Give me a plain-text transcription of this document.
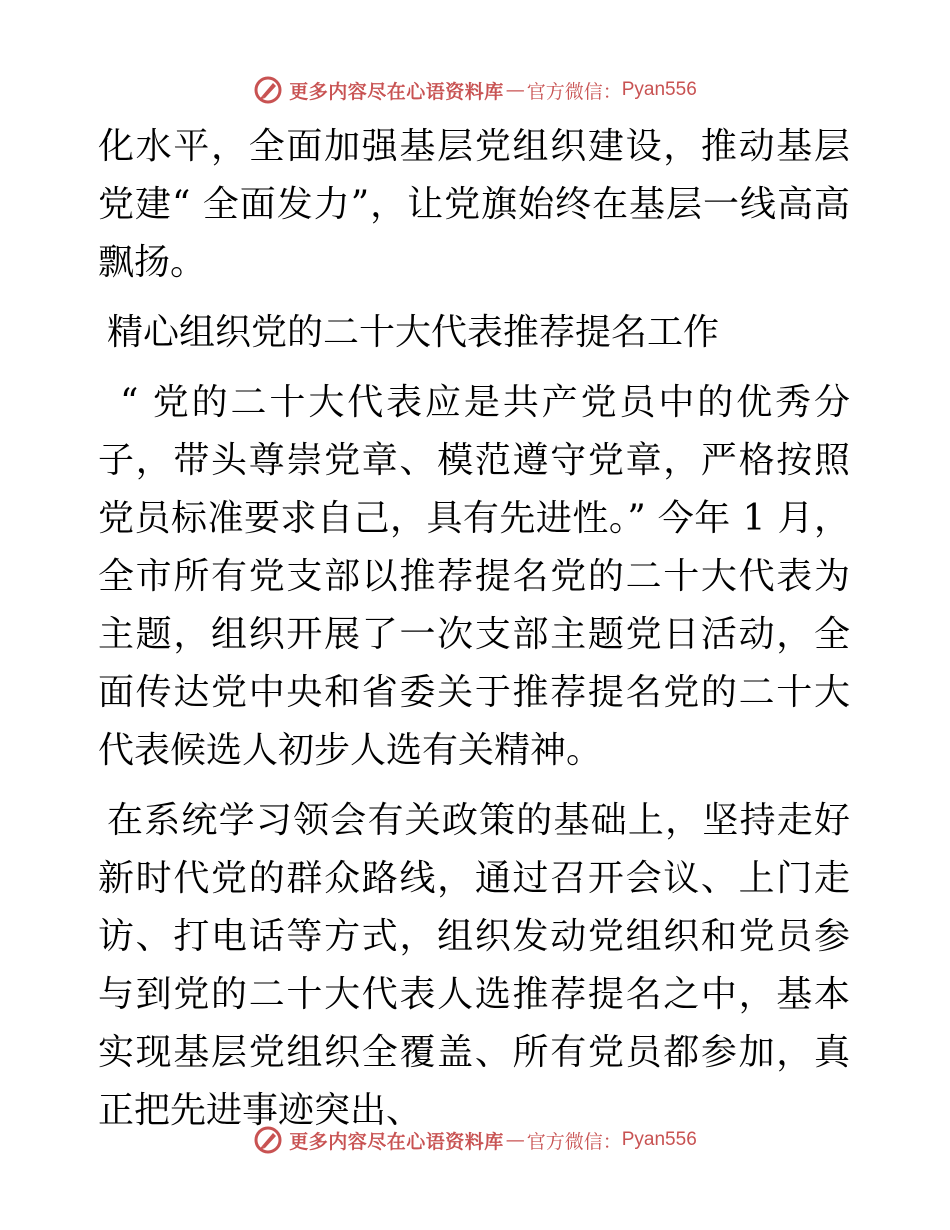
更多内容尽在心语资料库 — 官方微信： Pyan556

化水平，全面加强基层党组织建设，推动基层党建“ 全面发力”，让党旗始终在基层一线高高飘扬。

精心组织党的二十大代表推荐提名工作

“ 党的二十大代表应是共产党员中的优秀分子，带头尊崇党章、模范遵守党章，严格按照党员标准要求自己，具有先进性。” 今年 1 月，全市所有党支部以推荐提名党的二十大代表为主题，组织开展了一次支部主题党日活动，全面传达党中央和省委关于推荐提名党的二十大代表候选人初步人选有关精神。

在系统学习领会有关政策的基础上，坚持走好新时代党的群众路线，通过召开会议、上门走访、打电话等方式，组织发动党组织和党员参与到党的二十大代表人选推荐提名之中，基本实现基层党组织全覆盖、所有党员都参加，真正把先进事迹突出、

更多内容尽在心语资料库 — 官方微信： Pyan556
